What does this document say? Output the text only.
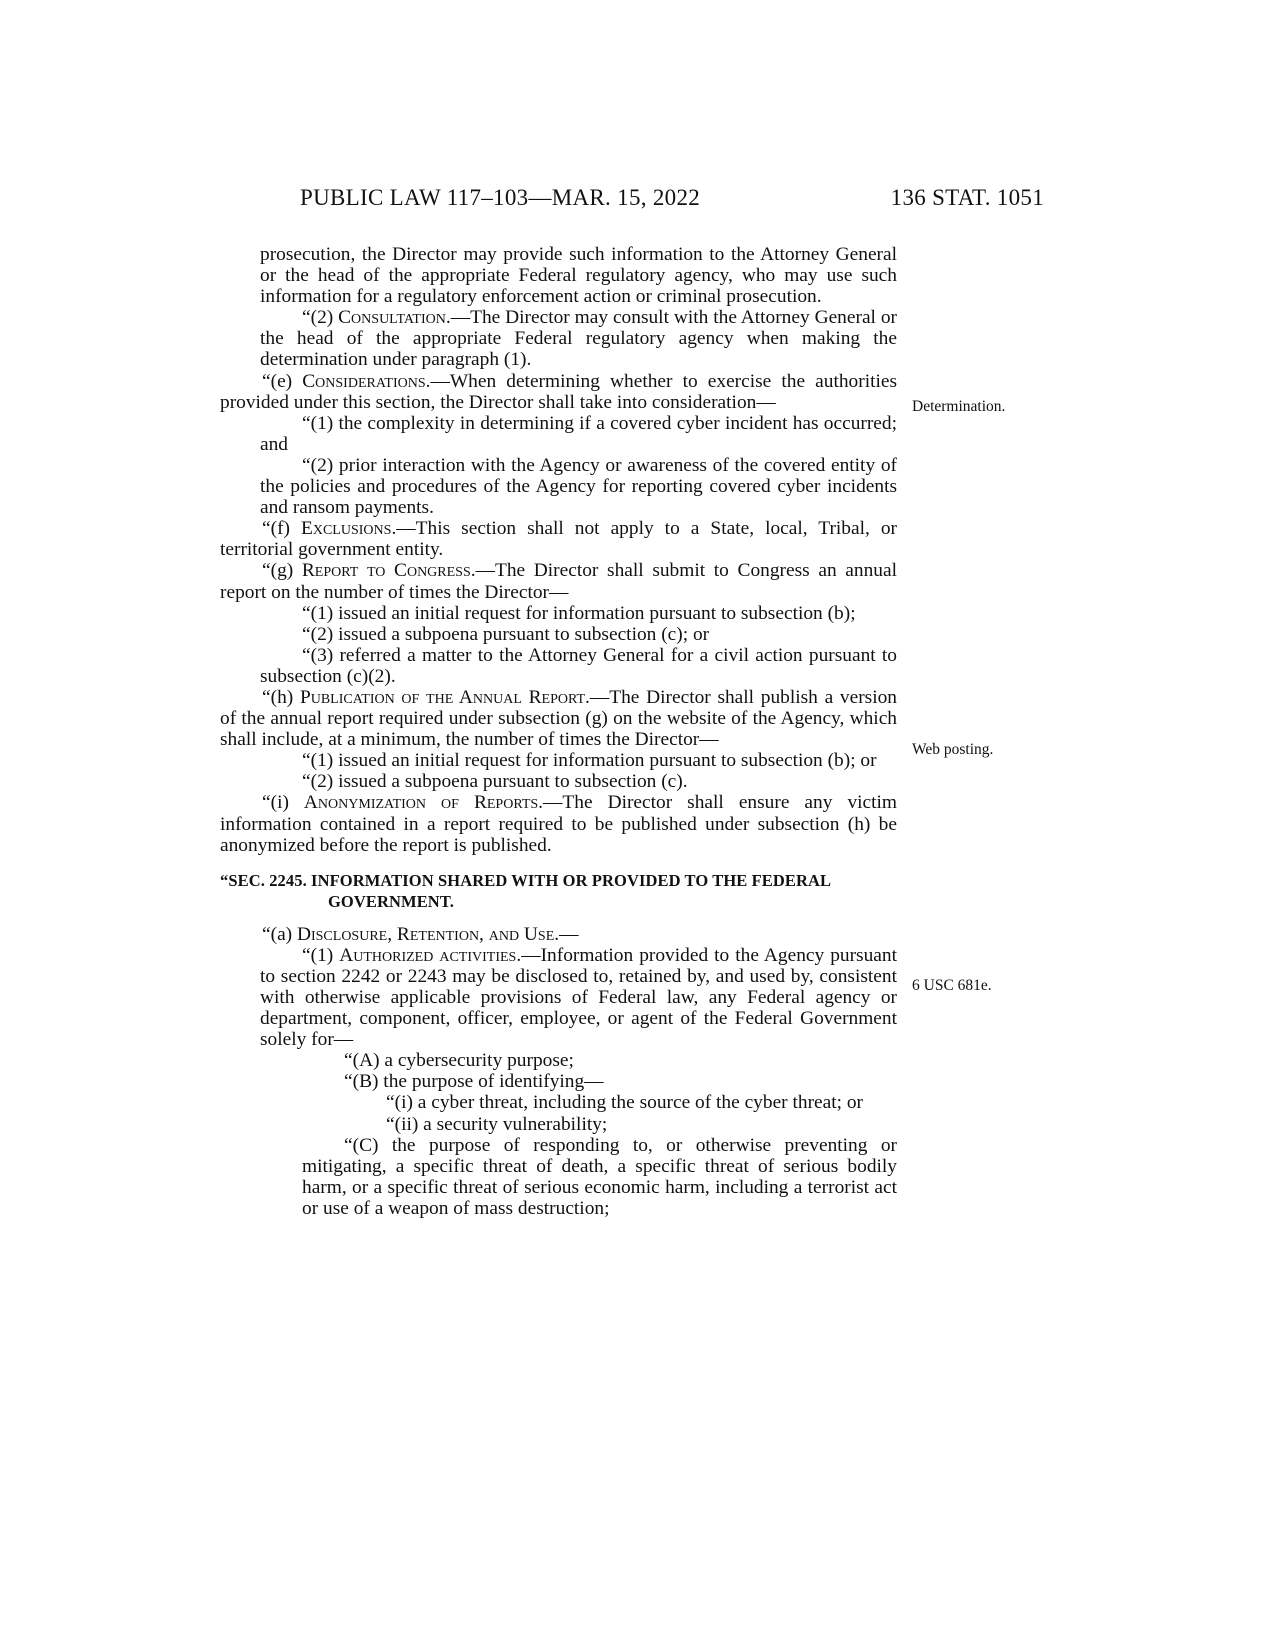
PUBLIC LAW 117–103—MAR. 15, 2022	136 STAT. 1051
Determination.
Web posting.
6 USC 681e.

prosecution, the Director may provide such information to the Attorney General or the head of the appropriate Federal regulatory agency, who may use such information for a regulatory enforcement action or criminal prosecution.

“(2) Consultation.—The Director may consult with the Attorney General or the head of the appropriate Federal regulatory agency when making the determination under paragraph (1).

“(e) Considerations.—When determining whether to exercise the authorities provided under this section, the Director shall take into consideration—

“(1) the complexity in determining if a covered cyber incident has occurred; and

“(2) prior interaction with the Agency or awareness of the covered entity of the policies and procedures of the Agency for reporting covered cyber incidents and ransom payments.

“(f) Exclusions.—This section shall not apply to a State, local, Tribal, or territorial government entity.

“(g) Report to Congress.—The Director shall submit to Congress an annual report on the number of times the Director—

“(1) issued an initial request for information pursuant to subsection (b);

“(2) issued a subpoena pursuant to subsection (c); or

“(3) referred a matter to the Attorney General for a civil action pursuant to subsection (c)(2).

“(h) Publication of the Annual Report.—The Director shall publish a version of the annual report required under subsection (g) on the website of the Agency, which shall include, at a minimum, the number of times the Director—

“(1) issued an initial request for information pursuant to subsection (b); or

“(2) issued a subpoena pursuant to subsection (c).

“(i) Anonymization of Reports.—The Director shall ensure any victim information contained in a report required to be published under subsection (h) be anonymized before the report is published.

“SEC. 2245. INFORMATION SHARED WITH OR PROVIDED TO THE FEDERAL GOVERNMENT.

“(a) Disclosure, Retention, and Use.—

“(1) Authorized activities.—Information provided to the Agency pursuant to section 2242 or 2243 may be disclosed to, retained by, and used by, consistent with otherwise applicable provisions of Federal law, any Federal agency or department, component, officer, employee, or agent of the Federal Government solely for—

“(A) a cybersecurity purpose;

“(B) the purpose of identifying—

“(i) a cyber threat, including the source of the cyber threat; or

“(ii) a security vulnerability;

“(C) the purpose of responding to, or otherwise preventing or mitigating, a specific threat of death, a specific threat of serious bodily harm, or a specific threat of serious economic harm, including a terrorist act or use of a weapon of mass destruction;
